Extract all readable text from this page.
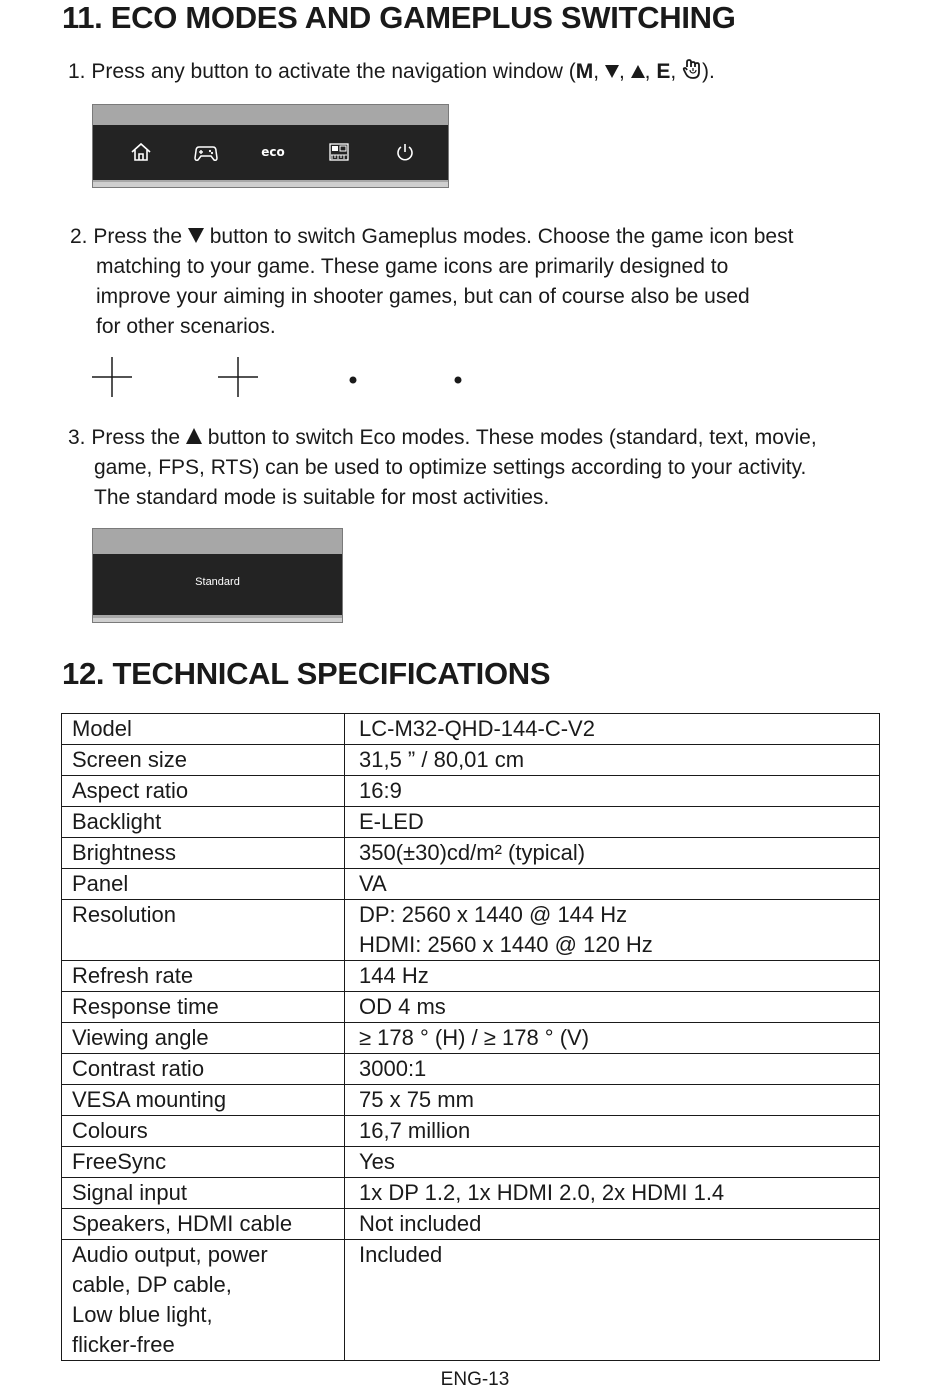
11. ECO MODES AND GAMEPLUS SWITCHING
1. Press any button to activate the navigation window (M, , , E, ).
eco
2. Press the button to switch Gameplus modes. Choose the game icon best
matching to your game. These game icons are primarily designed to
improve your aiming in shooter games, but can of course also be used
for other scenarios.
3. Press the button to switch Eco modes. These modes (standard, text, movie,
game, FPS, RTS) can be used to optimize settings according to your activity.
The standard mode is suitable for most activities.
Standard
12. TECHNICAL SPECIFICATIONS
Model	LC-M32-QHD-144-C-V2

Screen size	31,5 ” / 80,01 cm

Aspect ratio	16:9

Backlight	E-LED

Brightness	350(±30)cd/m² (typical)

Panel	VA

Resolution	DP: 2560 x 1440 @ 144 Hz
HDMI: 2560 x 1440 @ 120 Hz

Refresh rate	144 Hz

Response time	OD 4 ms

Viewing angle	≥ 178 ° (H) / ≥ 178 ° (V)

Contrast ratio	3000:1

VESA mounting	75 x 75 mm

Colours	16,7 million

FreeSync	Yes

Signal input	1x DP 1.2, 1x HDMI 2.0, 2x HDMI 1.4

Speakers, HDMI cable	Not included

Audio output, power
cable, DP cable,
Low blue light,
flicker-free	Included
ENG-13
